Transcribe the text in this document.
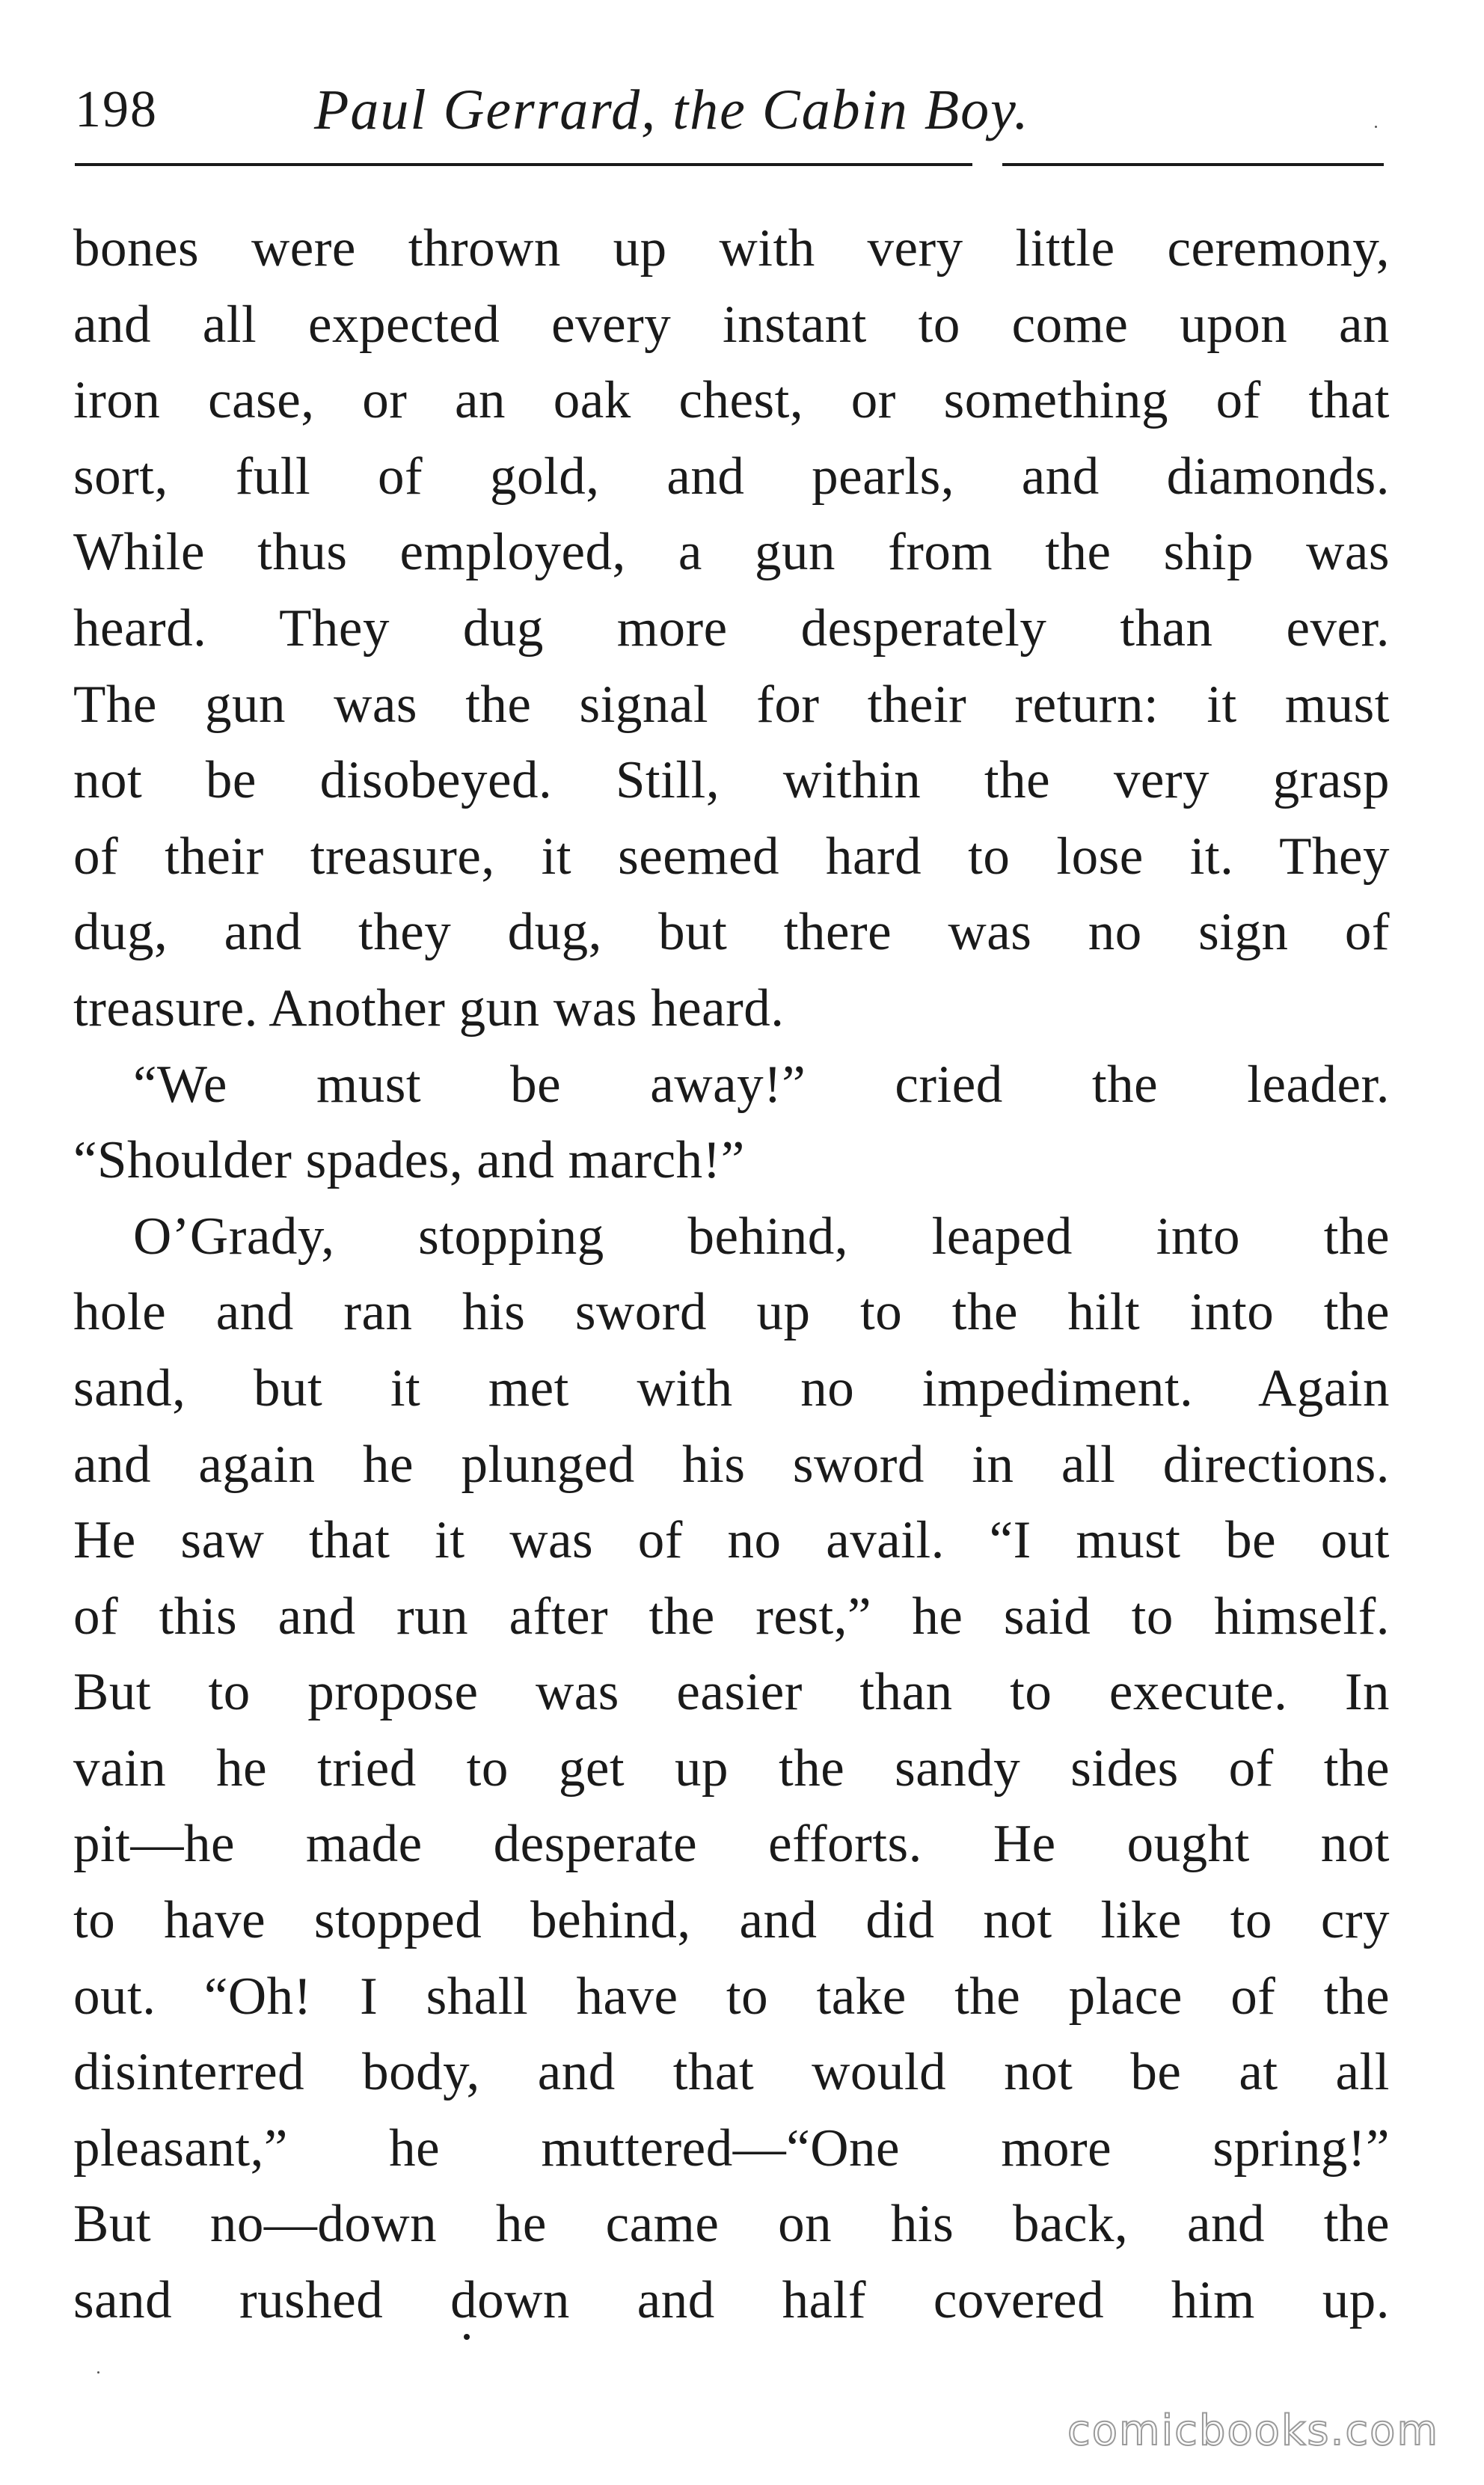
198	Paul Gerrard, the Cabin Boy.
bones were thrown up with very little ceremony,
and all expected every instant to come upon an
iron case, or an oak chest, or something of that
sort, full of gold, and pearls, and diamonds.
While thus employed, a gun from the ship was
heard. They dug more desperately than ever.
The gun was the signal for their return: it must
not be disobeyed. Still, within the very grasp
of their treasure, it seemed hard to lose it. They
dug, and they dug, but there was no sign of
treasure. Another gun was heard.
“We must be away!” cried the leader.
“Shoulder spades, and march!”
O’Grady, stopping behind, leaped into the
hole and ran his sword up to the hilt into the
sand, but it met with no impediment. Again
and again he plunged his sword in all directions.
He saw that it was of no avail. “I must be out
of this and run after the rest,” he said to himself.
But to propose was easier than to execute. In
vain he tried to get up the sandy sides of the
pit—he made desperate efforts. He ought not
to have stopped behind, and did not like to cry
out. “Oh! I shall have to take the place of the
disinterred body, and that would not be at all
pleasant,” he muttered—“One more spring!”
But no—down he came on his back, and the
sand rushed down and half covered him up.
comicbooks.com
